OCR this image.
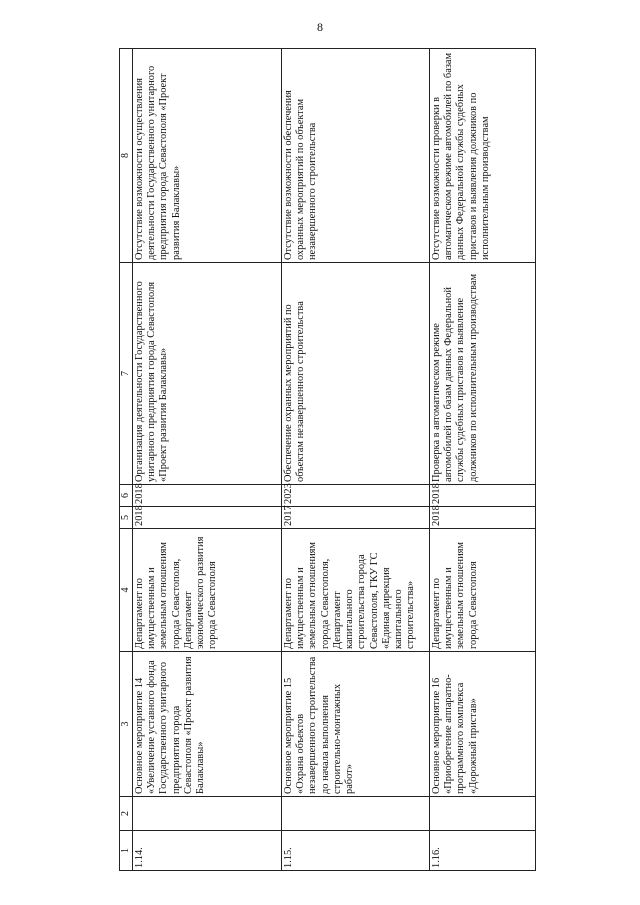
8
1	2	3	4	5	6	7	8
1.14.		Основное мероприятие 14 «Увеличение уставного фонда Государственного унитарного предприятия города Севастополя «Проект развития Балаклавы»	Департамент по имущественным и земельным отношениям города Севастополя, Департамент экономического развития города Севастополя	2018	2018	Организация деятельности Государственного унитарного предприятия города Севастополя «Проект развития Балаклавы»	Отсутствие возможности осуществления деятельности Государственного унитарного предприятия города Севастополя «Проект развития Балаклавы»
1.15.		Основное мероприятие 15 «Охрана объектов незавершенного строительства до начала выполнения строительно-монтажных работ»	Департамент по имущественным и земельным отношениям города Севастополя, Департамент капитального строительства города Севастополя, ГКУ ГС «Единая дирекция капитального строительства»	2017	2023	Обеспечение охранных мероприятий по объектам незавершенного строительства	Отсутствие возможности обеспечения охранных мероприятий по объектам незавершенного строительства
1.16.		Основное мероприятие 16 «Приобретение аппаратно-программного комплекса «Дорожный пристав»	Департамент по имущественным и земельным отношениям города Севастополя	2018	2018	Проверка в автоматическом режиме автомобилей по базам данных Федеральной службы судебных приставов и выявление должников по исполнительным производствам	Отсутствие возможности проверки в автоматическом режиме автомобилей по базам данных Федеральной службы судебных приставов и выявления должников по исполнительным производствам
